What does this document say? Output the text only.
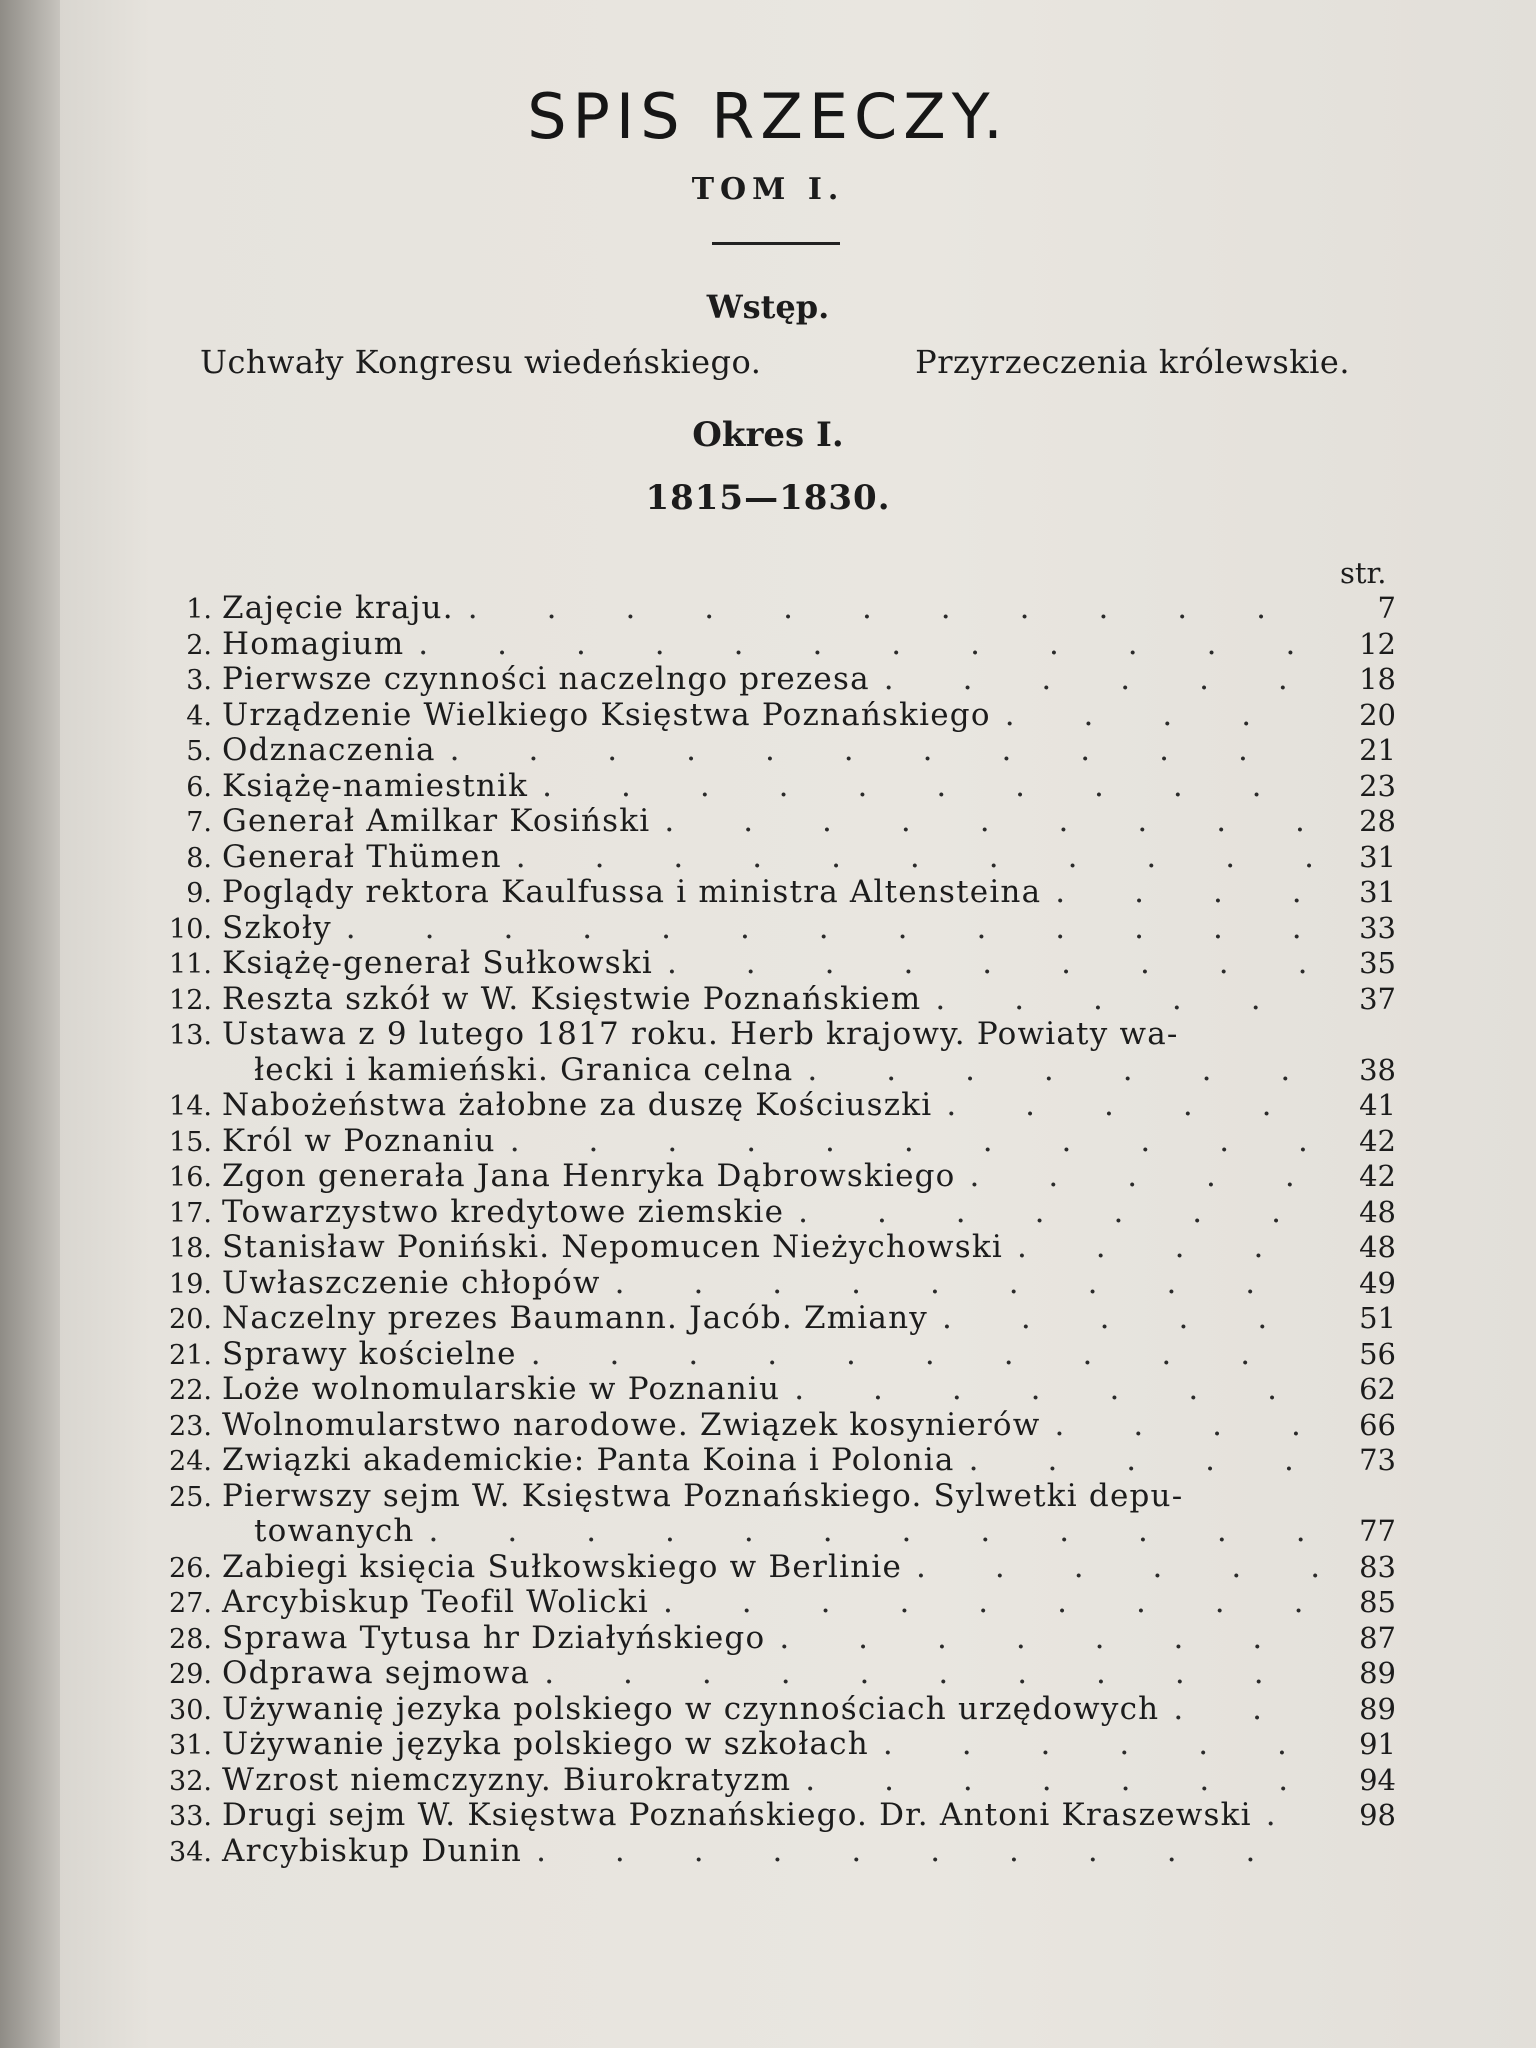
SPIS RZECZY.
TOM I.
Wstęp.
Uchwały Kongresu wiedeńskiego.	Przyrzeczenia królewskie.
Okres I.
1815—1830.
str.
1. Zajęcie kraju. .	7
2. Homagium .	12
3. Pierwsze czynności naczelngo prezesa .	18
4. Urządzenie Wielkiego Księstwa Poznańskiego .	20
5. Odznaczenia .	21
6. Książę-namiestnik .	23
7. Generał Amilkar Kosiński .	28
8. Generał Thümen .	31
9. Poglądy rektora Kaulfussa i ministra Altensteina .	31
10. Szkoły .	33
11. Książę-generał Sułkowski .	35
12. Reszta szkół w W. Księstwie Poznańskiem .	37
13. Ustawa z 9 lutego 1817 roku. Herb krajowy. Powiaty wa-
łecki i kamieński. Granica celna .	38
14. Nabożeństwa żałobne za duszę Kościuszki .	41
15. Król w Poznaniu .	42
16. Zgon generała Jana Henryka Dąbrowskiego .	42
17. Towarzystwo kredytowe ziemskie .	48
18. Stanisław Poniński. Nepomucen Nieżychowski .	48
19. Uwłaszczenie chłopów .	49
20. Naczelny prezes Baumann. Jacób. Zmiany .	51
21. Sprawy kościelne .	56
22. Loże wolnomularskie w Poznaniu .	62
23. Wolnomularstwo narodowe. Związek kosynierów .	66
24. Związki akademickie: Panta Koina i Polonia .	73
25. Pierwszy sejm W. Księstwa Poznańskiego. Sylwetki depu-
towanych .	77
26. Zabiegi księcia Sułkowskiego w Berlinie .	83
27. Arcybiskup Teofil Wolicki .	85
28. Sprawa Tytusa hr Działyńskiego .	87
29. Odprawa sejmowa .	89
30. Używanię jezyka polskiego w czynnościach urzędowych .	89
31. Używanie języka polskiego w szkołach .	91
32. Wzrost niemczyzny. Biurokratyzm .	94
33. Drugi sejm W. Księstwa Poznańskiego. Dr. Antoni Kraszewski .	98
34. Arcybiskup Dunin
.
